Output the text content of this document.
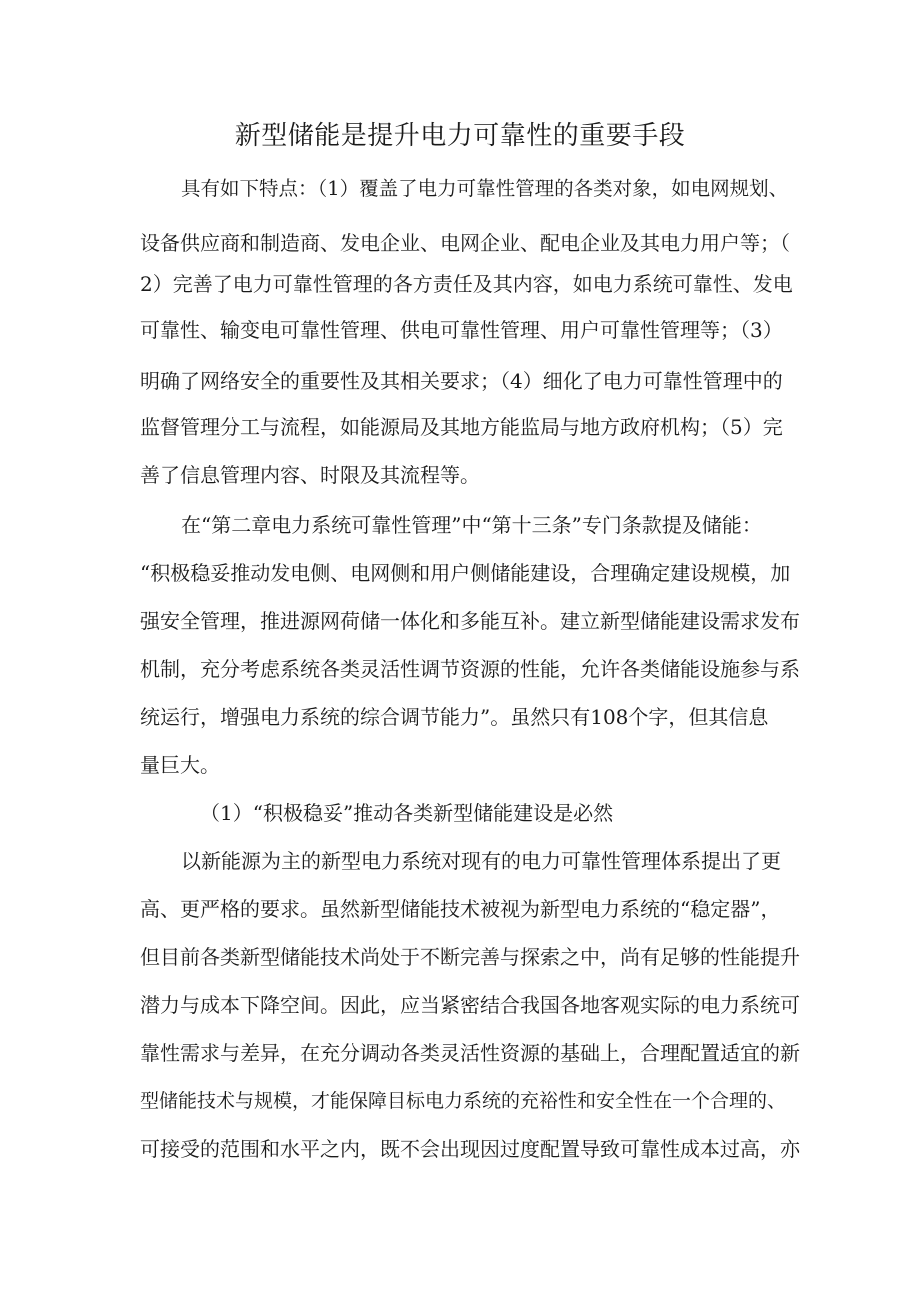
新型储能是提升电力可靠性的重要手段

具有如下特点：（1）覆盖了电力可靠性管理的各类对象，如电网规划、

设备供应商和制造商、发电企业、电网企业、配电企业及其电力用户等；（

2）完善了电力可靠性管理的各方责任及其内容，如电力系统可靠性、发电

可靠性、输变电可靠性管理、供电可靠性管理、用户可靠性管理等；（3）

明确了网络安全的重要性及其相关要求；（4）细化了电力可靠性管理中的

监督管理分工与流程，如能源局及其地方能监局与地方政府机构；（5）完

善了信息管理内容、时限及其流程等。

在“第二章电力系统可靠性管理”中“第十三条”专门条款提及储能：

“积极稳妥推动发电侧、电网侧和用户侧储能建设，合理确定建设规模，加

强安全管理，推进源网荷储一体化和多能互补。建立新型储能建设需求发布

机制，充分考虑系统各类灵活性调节资源的性能，允许各类储能设施参与系

统运行，增强电力系统的综合调节能力”。虽然只有108个字，但其信息

量巨大。

（1）“积极稳妥”推动各类新型储能建设是必然

以新能源为主的新型电力系统对现有的电力可靠性管理体系提出了更

高、更严格的要求。虽然新型储能技术被视为新型电力系统的“稳定器”，

但目前各类新型储能技术尚处于不断完善与探索之中，尚有足够的性能提升

潜力与成本下降空间。因此，应当紧密结合我国各地客观实际的电力系统可

靠性需求与差异，在充分调动各类灵活性资源的基础上，合理配置适宜的新

型储能技术与规模，才能保障目标电力系统的充裕性和安全性在一个合理的、

可接受的范围和水平之内，既不会出现因过度配置导致可靠性成本过高，亦
